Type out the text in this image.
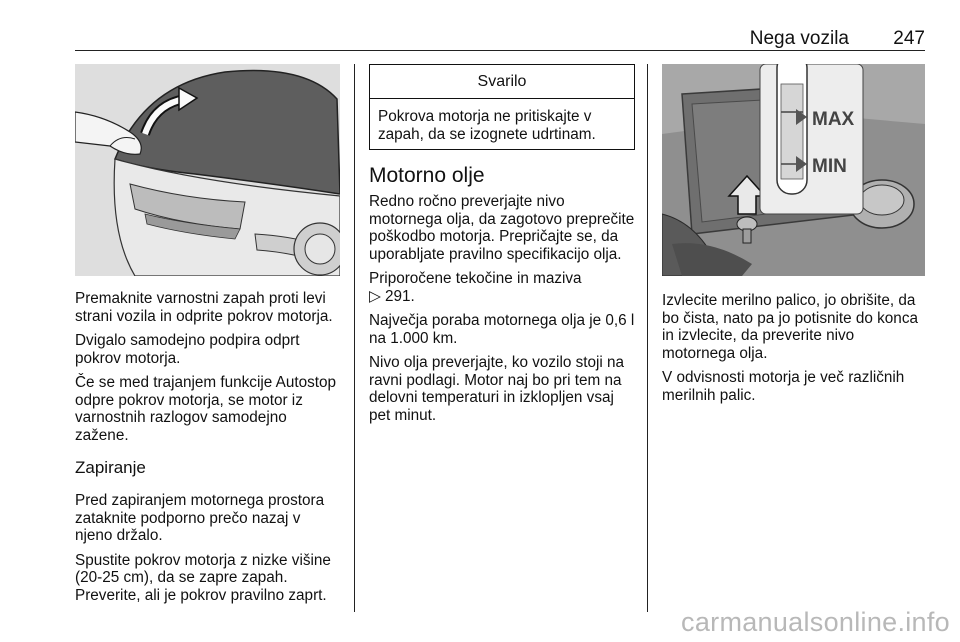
Nega vozila 247

Premaknite varnostni zapah proti levi strani vozila in odprite pokrov motorja.

Dvigalo samodejno podpira odprt pokrov motorja.

Če se med trajanjem funkcije Autostop odpre pokrov motorja, se motor iz varnostnih razlogov samodejno zažene.

Zapiranje

Pred zapiranjem motornega prostora zataknite podporno prečo nazaj v njeno držalo.

Spustite pokrov motorja z nizke višine (20-25 cm), da se zapre zapah. Preverite, ali je pokrov pravilno zaprt.

Svarilo
Pokrova motorja ne pritiskajte v zapah, da se izognete udrtinam.
Motorno olje

Redno ročno preverjajte nivo motornega olja, da zagotovo preprečite poškodbo motorja. Prepričajte se, da uporabljate pravilno specifikacijo olja.

Priporočene tekočine in maziva
▷ 291.

Največja poraba motornega olja je 0,6 l na 1.000 km.

Nivo olja preverjajte, ko vozilo stoji na ravni podlagi. Motor naj bo pri tem na delovni temperaturi in izklopljen vsaj pet minut.

MAX
MIN

Izvlecite merilno palico, jo obrišite, da bo čista, nato pa jo potisnite do konca in izvlecite, da preverite nivo motornega olja.

V odvisnosti motorja je več različnih merilnih palic.

carmanualsonline.info
